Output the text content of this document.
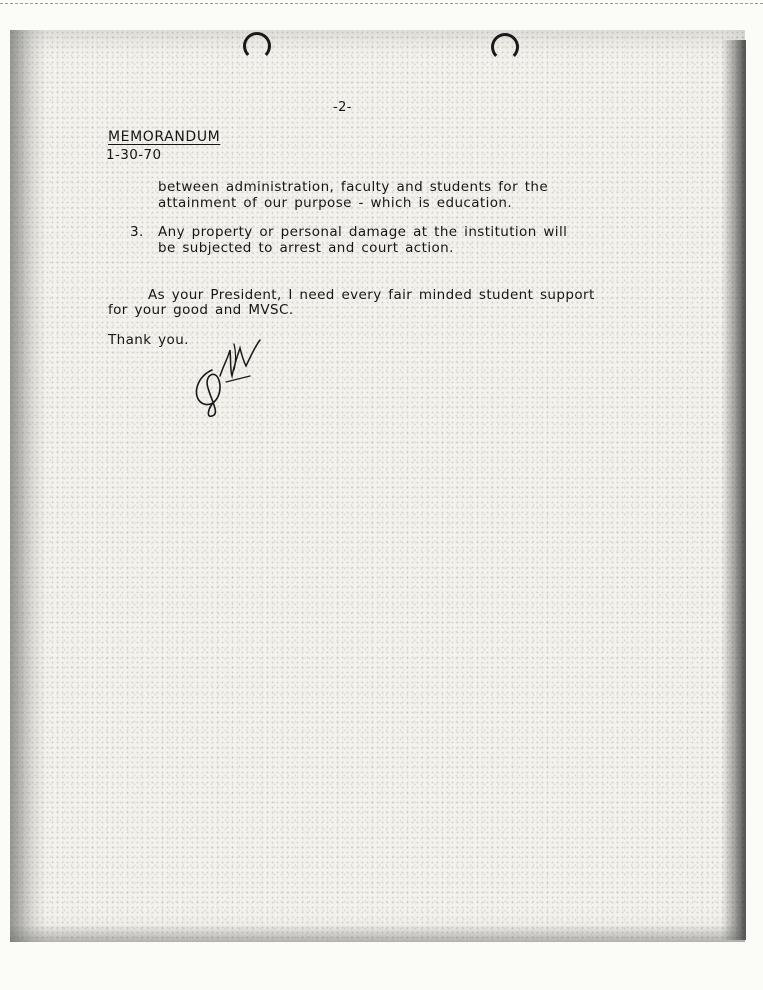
-2-
MEMORANDUM
1-30-70
between administration, faculty and students for the
attainment of our purpose - which is education.
3. Any property or personal damage at the institution will
be subjected to arrest and court action.
As your President, I need every fair minded student support
for your good and MVSC.
Thank you.
